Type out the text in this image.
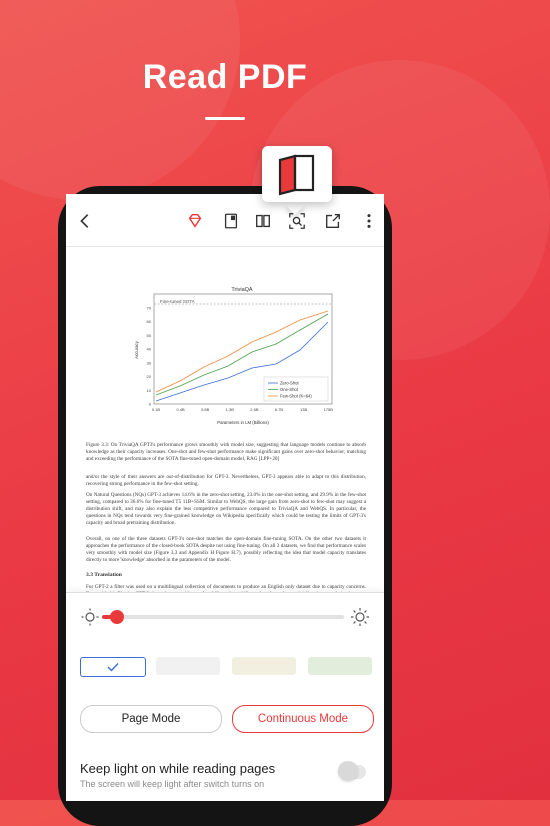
Read PDF
TriviaQA
Fine-tuned SOTA
Accuracy
Parameters in LM (Billions)
0
10
20
30
40
50
60
70
0.1B	0.4B	0.8B	1.3B	2.6B	6.7B	13B	175B
Zero-Shot
One-Shot
Few-Shot (K=64)
Figure 3.3: On TriviaQA GPT3's performance grows smoothly with model size, suggesting that language models continue to absorb knowledge as their capacity increases. One-shot and few-shot performance make significant gains over zero-shot behavior, matching and exceeding the performance of the SOTA fine-tuned open-domain model, RAG [LPP+20]
and/or the style of their answers are out-of-distribution for GPT-3. Nevertheless, GPT-3 appears able to adapt to this distribution, recovering strong performance in the few-shot setting.
On Natural Questions (NQs) GPT-3 achieves 14.6% in the zero-shot setting, 23.0% in the one-shot setting, and 29.9% in the few-shot setting, compared to 36.6% for fine-tuned T5 11B+SSM. Similar to WebQS, the large gain from zero-shot to few-shot may suggest a distribution shift, and may also explain the less competitive performance compared to TriviaQA and WebQS. In particular, the questions in NQs tend towards very fine-grained knowledge on Wikipedia specifically which could be testing the limits of GPT-3's capacity and broad pretraining distribution.
Overall, on one of the three datasets GPT-3's one-shot matches the open-domain fine-tuning SOTA. On the other two datasets it approaches the performance of the closed-book SOTA despite not using fine-tuning. On all 3 datasets, we find that performance scales very smoothly with model size (Figure 3.3 and Appendix H Figure H.7), possibly reflecting the idea that model capacity translates directly to more 'knowledge' absorbed in the parameters of the model.
3.3 Translation
For GPT-2 a filter was used on a multilingual collection of documents to produce an English only dataset due to capacity concerns.
Page Mode	Continuous Mode
Keep light on while reading pages
The screen will keep light after switch turns on
